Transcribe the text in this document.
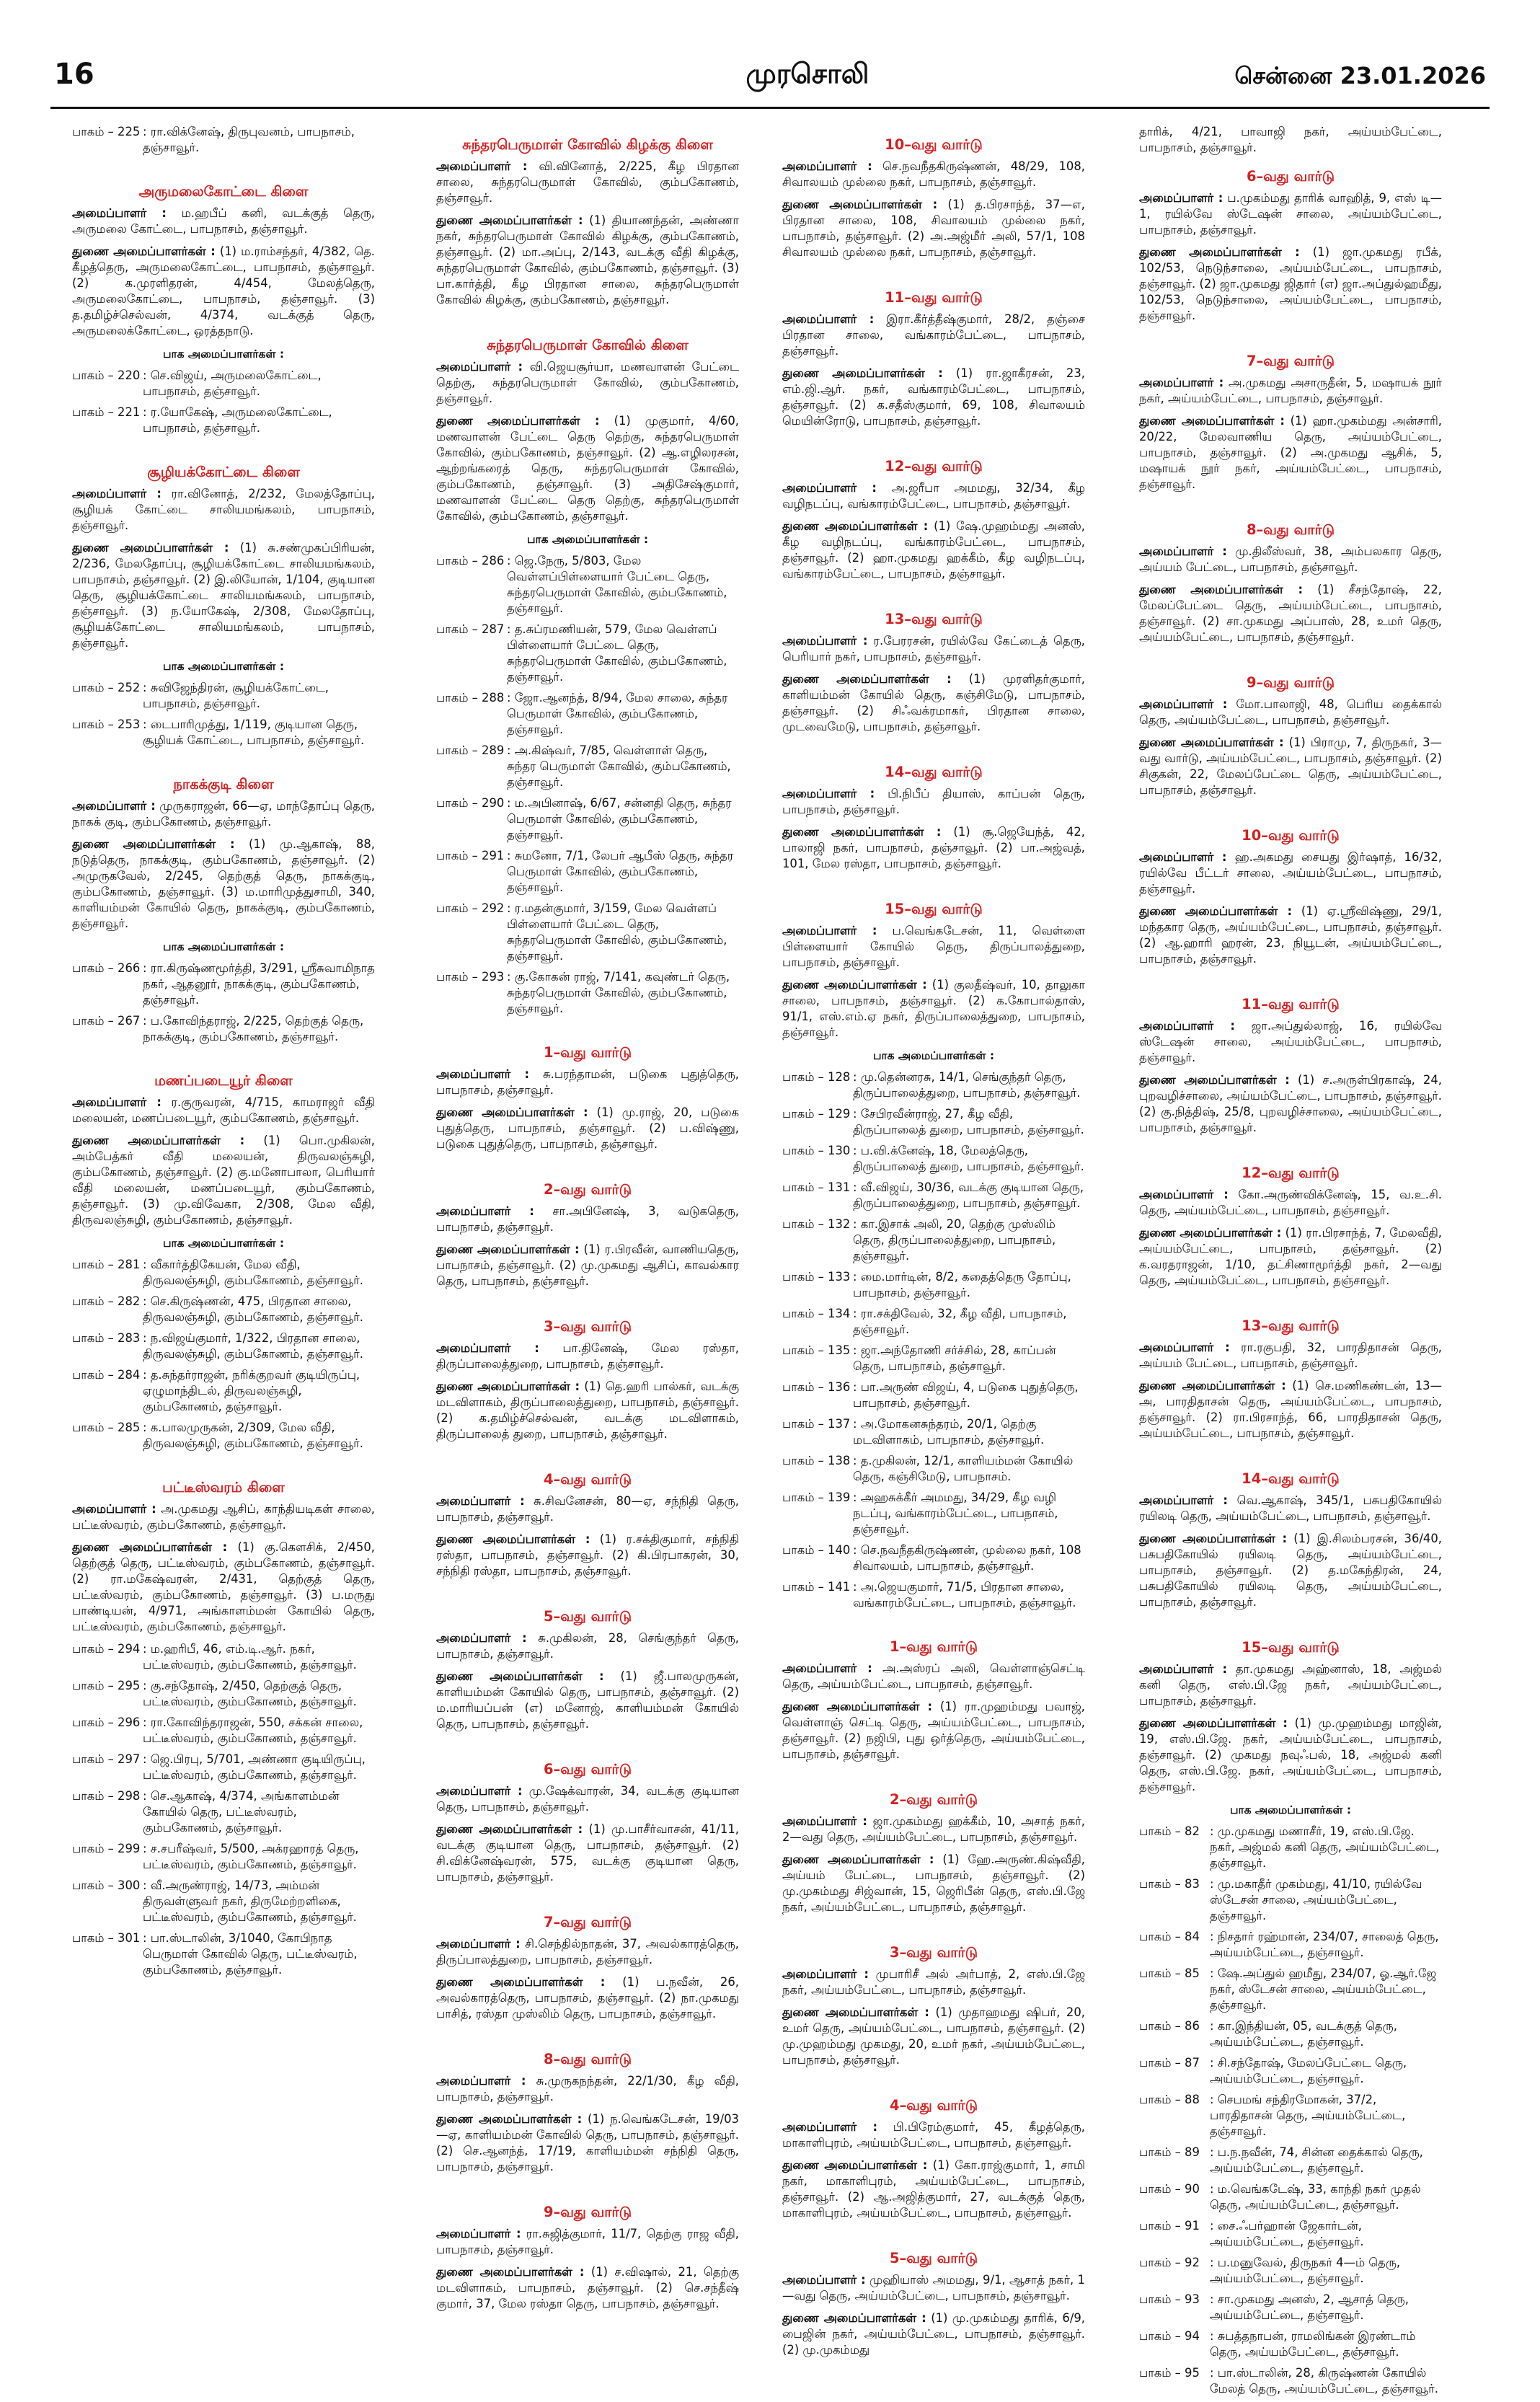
16	முரசொலி	சென்னை 23.01.2026
பாகம் – 225 : ரா.விக்னேஷ், திருபுவனம், பாபநாசம், தஞ்சாவூர்.
அருமலைகோட்டை கிளை
அமைப்பாளர் : ம.ஹபீப் கனி, வடக்குத் தெரு, அருமலை கோட்டை, பாபநாசம், தஞ்சாவூர்.
துணை அமைப்பாளர்கள் : (1) ம.ராம்சந்தர், 4/382, தெ. கீழத்தெரு, அருமலைகோட்டை, பாபநாசம், தஞ்சாவூர். (2) க.முரளிதரன், 4/454, மேலத்தெரு, அருமலைகோட்டை, பாபநாசம், தஞ்சாவூர். (3) த.தமிழ்ச்செல்வன், 4/374, வடக்குத் தெரு, அருமலைக்கோட்டை, ஒரத்தநாடு.
பாக அமைப்பாளர்கள் :
பாகம் – 220 : செ.விஜய், அருமலைகோட்டை, பாபநாசம், தஞ்சாவூர்.
பாகம் – 221 : ர.யோகேஷ், அருமலைகோட்டை, பாபநாசம், தஞ்சாவூர்.
சூழியக்கோட்டை கிளை
அமைப்பாளர் : ரா.வினோத், 2/232, மேலத்தோப்பு, சூழியக் கோட்டை சாலியமங்கலம், பாபநாசம், தஞ்சாவூர்.
துணை அமைப்பாளர்கள் : (1) சு.சண்முகப்பிரியன், 2/236, மேலதோப்பு, சூழியக்கோட்டை சாலியமங்கலம், பாபநாசம், தஞ்சாவூர். (2) இ.லியோன், 1/104, குடியான தெரு, சூழியக்கோட்டை சாலியமங்கலம், பாபநாசம், தஞ்சாவூர். (3) ந.யோகேஷ், 2/308, மேலதோப்பு, சூழியக்கோட்டை சாலியமங்கலம், பாபநாசம், தஞ்சாவூர்.
பாக அமைப்பாளர்கள் :
பாகம் – 252 : சுவிஜேந்திரன், சூழியக்கோட்டை, பாபநாசம், தஞ்சாவூர்.
பாகம் – 253 : டைபாரிமுத்து, 1/119, குடியான தெரு, சூழியக் கோட்டை, பாபநாசம், தஞ்சாவூர்.
நாகக்குடி கிளை
அமைப்பாளர் : முருகராஜன், 66—ஏ, மாந்தோப்பு தெரு, நாகக் குடி, கும்பகோணம், தஞ்சாவூர்.
துணை அமைப்பாளர்கள் : (1) மு.ஆகாஷ், 88, நடுத்தெரு, நாகக்குடி, கும்பகோணம், தஞ்சாவூர். (2) அமுருகவேல், 2/245, தெற்குத் தெரு, நாகக்குடி, கும்பகோணம், தஞ்சாவூர். (3) ம.மாரிமுத்துசாமி, 340, காளியம்மன் கோயில் தெரு, நாகக்குடி, கும்பகோணம், தஞ்சாவூர்.
பாக அமைப்பாளர்கள் :
பாகம் – 266 : ரா.கிருஷ்ணமூர்த்தி, 3/291, ஸ்ரீசுவாமிநாத நகர், ஆதனூர், நாகக்குடி, கும்பகோணம், தஞ்சாவூர்.
பாகம் – 267 : ப.கோவிந்தராஜ், 2/225, தெற்குத் தெரு, நாகக்குடி, கும்பகோணம், தஞ்சாவூர்.
மணப்படையூர் கிளை
அமைப்பாளர் : ர.குருவரன், 4/715, காமராஜர் வீதி மலையன், மணப்படையூர், கும்பகோணம், தஞ்சாவூர்.
துணை அமைப்பாளர்கள் : (1) பொ.முகிலன், அம்பேத்கர் வீதி மலையன், திருவலஞ்சுழி, கும்பகோணம், தஞ்சாவூர். (2) கு.மனோபாலா, பெரியார் வீதி மலையன், மணப்படையூர், கும்பகோணம், தஞ்சாவூர். (3) மு.விவேகா, 2/308, மேல வீதி, திருவலஞ்சுழி, கும்பகோணம், தஞ்சாவூர்.
பாக அமைப்பாளர்கள் :
பாகம் – 281 : வீகார்த்திகேயன், மேல வீதி, திருவலஞ்சுழி, கும்பகோணம், தஞ்சாவூர்.
பாகம் – 282 : செ.கிருஷ்ணன், 475, பிரதான சாலை, திருவலஞ்சுழி, கும்பகோணம், தஞ்சாவூர்.
பாகம் – 283 : ந.விஜய்குமார், 1/322, பிரதான சாலை, திருவலஞ்சுழி, கும்பகோணம், தஞ்சாவூர்.
பாகம் – 284 : த.சுந்தர்ராஜன், நரிக்குறவர் குடியிருப்பு, ஏழுமாந்திடல், திருவலஞ்சுழி, கும்பகோணம், தஞ்சாவூர்.
பாகம் – 285 : க.பாலமுருகன், 2/309, மேல வீதி, திருவலஞ்சுழி, கும்பகோணம், தஞ்சாவூர்.
பட்டீஸ்வரம் கிளை
அமைப்பாளர் : அ.முகமது ஆசிப், காந்தியடிகள் சாலை, பட்டீஸ்வரம், கும்பகோணம், தஞ்சாவூர்.
துணை அமைப்பாளர்கள் : (1) கு.கௌசிக், 2/450, தெற்குத் தெரு, பட்டீஸ்வரம், கும்பகோணம், தஞ்சாவூர். (2) ரா.மகேஷ்வரன், 2/431, தெற்குத் தெரு, பட்டீஸ்வரம், கும்பகோணம், தஞ்சாவூர். (3) ப.மருது பாண்டியன், 4/971, அங்காளம்மன் கோயில் தெரு, பட்டீஸ்வரம், கும்பகோணம், தஞ்சாவூர்.
பாகம் – 294 : ம.ஹரிபீ, 46, எம்.டி.ஆர். நகர், பட்டீஸ்வரம், கும்பகோணம், தஞ்சாவூர்.
பாகம் – 295 : கு.சந்தோஷ், 2/450, தெற்குத் தெரு, பட்டீஸ்வரம், கும்பகோணம், தஞ்சாவூர்.
பாகம் – 296 : ரா.கோவிந்தராஜன், 550, சக்கன் சாலை, பட்டீஸ்வரம், கும்பகோணம், தஞ்சாவூர்.
பாகம் – 297 : ஜெ.பிரபு, 5/701, அண்ணா குடியிருப்பு, பட்டீஸ்வரம், கும்பகோணம், தஞ்சாவூர்.
பாகம் – 298 : செ.ஆகாஷ், 4/374, அங்காளம்மன் கோயில் தெரு, பட்டீஸ்வரம், கும்பகோணம், தஞ்சாவூர்.
பாகம் – 299 : ச.சபரீஷ்வர், 5/500, அக்ரஹாரத் தெரு, பட்டீஸ்வரம், கும்பகோணம், தஞ்சாவூர்.
பாகம் – 300 : வீ.அருண்ராஜ், 14/73, அம்மன் திருவள்ளுவர் நகர், திருமேற்றளிகை, பட்டீஸ்வரம், கும்பகோணம், தஞ்சாவூர்.
பாகம் – 301 : பா.ஸ்டாலின், 3/1040, கோபிநாத பெருமாள் கோவில் தெரு, பட்டீஸ்வரம், கும்பகோணம், தஞ்சாவூர்.
சுந்தரபெருமாள் கோவில் கிழக்கு கிளை
அமைப்பாளர் : வி.வினோத், 2/225, கீழ பிரதான சாலை, சுந்தரபெருமாள் கோவில், கும்பகோணம், தஞ்சாவூர்.
துணை அமைப்பாளர்கள் : (1) தியாணந்தன், அண்ணா நகர், சுந்தரபெருமாள் கோவில் கிழக்கு, கும்பகோணம், தஞ்சாவூர். (2) மா.அப்பு, 2/143, வடக்கு வீதி கிழக்கு, சுந்தரபெருமாள் கோவில், கும்பகோணம், தஞ்சாவூர். (3) பா.கார்த்தி, கீழ பிரதான சாலை, சுந்தரபெருமாள் கோவில் கிழக்கு, கும்பகோணம், தஞ்சாவூர்.
சுந்தரபெருமாள் கோவில் கிளை
அமைப்பாளர் : வி.ஜெயசூர்யா, மணவாளன் பேட்டை தெற்கு, சுந்தரபெருமாள் கோவில், கும்பகோணம், தஞ்சாவூர்.
துணை அமைப்பாளர்கள் : (1) முகுமார், 4/60, மணவாளன் பேட்டை தெரு தெற்கு, சுந்தரபெருமாள் கோவில், கும்பகோணம், தஞ்சாவூர். (2) ஆ.எழிலரசன், ஆற்றங்கரைத் தெரு, சுந்தரபெருமாள் கோவில், கும்பகோணம், தஞ்சாவூர். (3) அதிசேஷ்குமார், மணவாளன் பேட்டை தெரு தெற்கு, சுந்தரபெருமாள் கோவில், கும்பகோணம், தஞ்சாவூர்.
பாக அமைப்பாளர்கள் :
பாகம் – 286 : ஜெ.நேரு, 5/803, மேல வெள்ளப்பிள்ளையார் பேட்டை தெரு, சுந்தரபெருமாள் கோவில், கும்பகோணம், தஞ்சாவூர்.
பாகம் – 287 : த.சுப்ரமணியன், 579, மேல வெள்ளப் பிள்ளையார் பேட்டை தெரு, சுந்தரபெருமாள் கோவில், கும்பகோணம், தஞ்சாவூர்.
பாகம் – 288 : ஜோ.ஆனந்த், 8/94, மேல சாலை, சுந்தர பெருமாள் கோவில், கும்பகோணம், தஞ்சாவூர்.
பாகம் – 289 : அ.கிஷ்வர், 7/85, வெள்ளாள் தெரு, சுந்தர பெருமாள் கோவில், கும்பகோணம், தஞ்சாவூர்.
பாகம் – 290 : ம.அபினாஷ், 6/67, சன்னதி தெரு, சுந்தர பெருமாள் கோவில், கும்பகோணம், தஞ்சாவூர்.
பாகம் – 291 : சுமனோ, 7/1, லேபர் ஆபீஸ் தெரு, சுந்தர பெருமாள் கோவில், கும்பகோணம், தஞ்சாவூர்.
பாகம் – 292 : ர.மதன்குமார், 3/159, மேல வெள்ளப் பிள்ளையார் பேட்டை தெரு, சுந்தரபெருமாள் கோவில், கும்பகோணம், தஞ்சாவூர்.
பாகம் – 293 : கு.கோகன் ராஜ், 7/141, கவுண்டர் தெரு, சுந்தரபெருமாள் கோவில், கும்பகோணம், தஞ்சாவூர்.
1–வது வார்டு
அமைப்பாளர் : சு.பரந்தாமன், படுகை புதுத்தெரு, பாபநாசம், தஞ்சாவூர்.
துணை அமைப்பாளர்கள் : (1) மு.ராஜ், 20, படுகை புதுத்தெரு, பாபநாசம், தஞ்சாவூர். (2) ப.விஷ்ணு, படுகை புதுத்தெரு, பாபநாசம், தஞ்சாவூர்.
2–வது வார்டு
அமைப்பாளர் : சா.அபினேஷ், 3, வடுகதெரு, பாபநாசம், தஞ்சாவூர்.
துணை அமைப்பாளர்கள் : (1) ர.பிரவீன், வாணியதெரு, பாபநாசம், தஞ்சாவூர். (2) மு.முகமது ஆசிப், காவல்கார தெரு, பாபநாசம், தஞ்சாவூர்.
3–வது வார்டு
அமைப்பாளர் : பா.தினேஷ், மேல ரஸ்தா, திருப்பாலைத்துறை, பாபநாசம், தஞ்சாவூர்.
துணை அமைப்பாளர்கள் : (1) தெ.ஹரி பால்கர், வடக்கு மடவிளாகம், திருப்பாலைத்துறை, பாபநாசம், தஞ்சாவூர். (2) க.தமிழ்ச்செல்வன், வடக்கு மடவிளாகம், திருப்பாலைத் துறை, பாபநாசம், தஞ்சாவூர்.
4–வது வார்டு
அமைப்பாளர் : சு.சிவனேசன், 80—ஏ, சந்நிதி தெரு, பாபநாசம், தஞ்சாவூர்.
துணை அமைப்பாளர்கள் : (1) ர.சக்திகுமார், சந்நிதி ரஸ்தா, பாபநாசம், தஞ்சாவூர். (2) கி.பிரபாகரன், 30, சந்நிதி ரஸ்தா, பாபநாசம், தஞ்சாவூர்.
5–வது வார்டு
அமைப்பாளர் : சு.முகிலன், 28, செங்குந்தர் தெரு, பாபநாசம், தஞ்சாவூர்.
துணை அமைப்பாளர்கள் : (1) ஜீ.பாலமுருகன், காளியம்மன் கோயில் தெரு, பாபநாசம், தஞ்சாவூர். (2) ம.மாரியப்பன் (எ) மனோஜ், காளியம்மன் கோயில் தெரு, பாபநாசம், தஞ்சாவூர்.
6–வது வார்டு
அமைப்பாளர் : மு.ஷேக்வாரன், 34, வடக்கு குடியான தெரு, பாபநாசம், தஞ்சாவூர்.
துணை அமைப்பாளர்கள் : (1) மு.பாசீர்வாசன், 41/11, வடக்கு குடியான தெரு, பாபநாசம், தஞ்சாவூர். (2) சி.விக்னேஷ்வரன், 575, வடக்கு குடியான தெரு, பாபநாசம், தஞ்சாவூர்.
7–வது வார்டு
அமைப்பாளர் : சி.செந்தில்நாதன், 37, அவல்காரத்தெரு, திருப்பாலத்துறை, பாபநாசம், தஞ்சாவூர்.
துணை அமைப்பாளர்கள் : (1) ப.நவீன், 26, அவல்காரத்தெரு, பாபநாசம், தஞ்சாவூர். (2) நா.முகமது பாசித், ரஸ்தா முஸ்லிம் தெரு, பாபநாசம், தஞ்சாவூர்.
8–வது வார்டு
அமைப்பாளர் : சு.முருகநந்தன், 22/1/30, கீழ வீதி, பாபநாசம், தஞ்சாவூர்.
துணை அமைப்பாளர்கள் : (1) ந.வெங்கடேசன், 19/03—ஏ, காளியம்மன் கோவில் தெரு, பாபநாசம், தஞ்சாவூர். (2) செ.ஆனந்த், 17/19, காளியம்மன் சந்நிதி தெரு, பாபநாசம், தஞ்சாவூர்.
9–வது வார்டு
அமைப்பாளர் : ரா.சுஜித்குமார், 11/7, தெற்கு ராஜ வீதி, பாபநாசம், தஞ்சாவூர்.
துணை அமைப்பாளர்கள் : (1) ச.விஷால், 21, தெற்கு மடவிளாகம், பாபநாசம், தஞ்சாவூர். (2) செ.சந்தீஷ் குமார், 37, மேல ரஸ்தா தெரு, பாபநாசம், தஞ்சாவூர்.
10–வது வார்டு
அமைப்பாளர் : செ.நவநீதகிருஷ்ணன், 48/29, 108, சிவாலயம் முல்லை நகர், பாபநாசம், தஞ்சாவூர்.
துணை அமைப்பாளர்கள் : (1) த.பிரசாந்த், 37—எ, பிரதான சாலை, 108, சிவாலயம் முல்லை நகர், பாபநாசம், தஞ்சாவூர். (2) அ.அஜ்மீர் அலி, 57/1, 108 சிவாலயம் முல்லை நகர், பாபநாசம், தஞ்சாவூர்.
11–வது வார்டு
அமைப்பாளர் : இரா.கீர்த்தீஷ்குமார், 28/2, தஞ்சை பிரதான சாலை, வங்காரம்பேட்டை, பாபநாசம், தஞ்சாவூர்.
துணை அமைப்பாளர்கள் : (1) ரா.ஜாகீரசன், 23, எம்.ஜி.ஆர். நகர், வங்காரம்பேட்டை, பாபநாசம், தஞ்சாவூர். (2) க.சதீஸ்குமார், 69, 108, சிவாலயம் மெயின்ரோடு, பாபநாசம், தஞ்சாவூர்.
12–வது வார்டு
அமைப்பாளர் : அ.ஜரீபா அமமது, 32/34, கீழ வழிநடப்பு, வங்காரம்பேட்டை, பாபநாசம், தஞ்சாவூர்.
துணை அமைப்பாளர்கள் : (1) ஷே.முஹம்மது அனஸ், கீழ வழிநடப்பு, வங்காரம்பேட்டை, பாபநாசம், தஞ்சாவூர். (2) ஹா.முகமது ஹக்கீம், கீழ வழிநடப்பு, வங்காரம்பேட்டை, பாபநாசம், தஞ்சாவூர்.
13–வது வார்டு
அமைப்பாளர் : ர.பேரரசன், ரயில்வே கேட்டைத் தெரு, பெரியார் நகர், பாபநாசம், தஞ்சாவூர்.
துணை அமைப்பாளர்கள் : (1) முரளிதர்குமார், காளியம்மன் கோயில் தெரு, கஞ்சிமேடு, பாபநாசம், தஞ்சாவூர். (2) சிஃவக்ரமாகர், பிரதான சாலை, முடவைமேடு, பாபநாசம், தஞ்சாவூர்.
14–வது வார்டு
அமைப்பாளர் : பி.நிபீப் தியாஸ், காப்பன் தெரு, பாபநாசம், தஞ்சாவூர்.
துணை அமைப்பாளர்கள் : (1) சூ.ஜெயேந்த், 42, பாலாஜி நகர், பாபநாசம், தஞ்சாவூர். (2) பா.அஜ்வத், 101, மேல ரஸ்தா, பாபநாசம், தஞ்சாவூர்.
15–வது வார்டு
அமைப்பாளர் : ப.வெங்கடேசன், 11, வெள்ளை பிள்ளையார் கோயில் தெரு, திருப்பாலத்துறை, பாபநாசம், தஞ்சாவூர்.
துணை அமைப்பாளர்கள் : (1) குலதீஷ்வர், 10, தாலுகா சாலை, பாபநாசம், தஞ்சாவூர். (2) க.கோபால்தாஸ், 91/1, எஸ்.எம்.ஏ நகர், திருப்பாலைத்துறை, பாபநாசம், தஞ்சாவூர்.
பாக அமைப்பாளர்கள் :
பாகம் – 128 : மு.தென்னரசு, 14/1, செங்குந்தர் தெரு, திருப்பாலைத்துறை, பாபநாசம், தஞ்சாவூர்.
பாகம் – 129 : சேபிரவீன்ராஜ், 27, கீழ வீதி, திருப்பாலைத் துறை, பாபநாசம், தஞ்சாவூர்.
பாகம் – 130 : ப.வி.க்னேஷ், 18, மேலத்தெரு, திருப்பாலைத் துறை, பாபநாசம், தஞ்சாவூர்.
பாகம் – 131 : வீ.விஜய், 30/36, வடக்கு குடியான தெரு, திருப்பாலைத்துறை, பாபநாசம், தஞ்சாவூர்.
பாகம் – 132 : கா.இசாக் அலி, 20, தெற்கு முஸ்லிம் தெரு, திருப்பாலைத்துறை, பாபநாசம், தஞ்சாவூர்.
பாகம் – 133 : மை.மார்டின், 8/2, கதைத்தெரு தோப்பு, பாபநாசம், தஞ்சாவூர்.
பாகம் – 134 : ரா.சக்திவேல், 32, கீழ வீதி, பாபநாசம், தஞ்சாவூர்.
பாகம் – 135 : ஜா.அந்தோணி சர்ச்சில், 28, காப்பன் தெரு, பாபநாசம், தஞ்சாவூர்.
பாகம் – 136 : பா.அருண் விஜய், 4, படுகை புதுத்தெரு, பாபநாசம், தஞ்சாவூர்.
பாகம் – 137 : அ.மோகனசுந்தரம், 20/1, தெற்கு மடவிளாகம், பாபநாசம், தஞ்சாவூர்.
பாகம் – 138 : த.முகிலன், 12/1, காளியம்மன் கோயில் தெரு, கஞ்சிமேடு, பாபநாசம்.
பாகம் – 139 : அஹசுக்கீர் அமமது, 34/29, கீழ வழி நடப்பு, வங்காரம்பேட்டை, பாபநாசம், தஞ்சாவூர்.
பாகம் – 140 : செ.நவநீதகிருஷ்ணன், முல்லை நகர், 108 சிவாலயம், பாபநாசம், தஞ்சாவூர்.
பாகம் – 141 : அ.ஜெயகுமார், 71/5, பிரதான சாலை, வங்காரம்பேட்டை, பாபநாசம், தஞ்சாவூர்.
1–வது வார்டு
அமைப்பாளர் : அ.அஸ்ரப் அலி, வெள்ளாஞ்செட்டி தெரு, அய்யம்பேட்டை, பாபநாசம், தஞ்சாவூர்.
துணை அமைப்பாளர்கள் : (1) ரா.முஹம்மது பவாஜ், வெள்ளாஞ் செட்டி தெரு, அய்யம்பேட்டை, பாபநாசம், தஞ்சாவூர். (2) நஜிபி, புது ஒர்த்தெரு, அய்யம்பேட்டை, பாபநாசம், தஞ்சாவூர்.
2–வது வார்டு
அமைப்பாளர் : ஜா.முகம்மது ஹக்கீம், 10, அசாத் நகர், 2—வது தெரு, அய்யம்பேட்டை, பாபநாசம், தஞ்சாவூர்.
துணை அமைப்பாளர்கள் : (1) ஹே.அருண்.கிஷ்வீதி, அய்யம் பேட்டை, பாபநாசம், தஞ்சாவூர். (2) மு.முகம்மது சிஜ்வான், 15, ஜெரிபீன் தெரு, எஸ்.பி.ஜே நகர், அய்யம்பேட்டை, பாபநாசம், தஞ்சாவூர்.
3–வது வார்டு
அமைப்பாளர் : முபாரிசீ அல் அர்பாத், 2, எஸ்.பி.ஜே நகர், அய்யம்பேட்டை, பாபநாசம், தஞ்சாவூர்.
துணை அமைப்பாளர்கள் : (1) முதாஹமது ஷிபர், 20, உமர் தெரு, அய்யம்பேட்டை, பாபநாசம், தஞ்சாவூர். (2) மு.முஹம்மது முகமது, 20, உமர் நகர், அய்யம்பேட்டை, பாபநாசம், தஞ்சாவூர்.
4–வது வார்டு
அமைப்பாளர் : பி.பிரேம்குமார், 45, கீழத்தெரு, மாகாளிபுரம், அய்யம்பேட்டை, பாபநாசம், தஞ்சாவூர்.
துணை அமைப்பாளர்கள் : (1) கோ.ராஜ்குமார், 1, சாமி நகர், மாகாளிபுரம், அய்யம்பேட்டை, பாபநாசம், தஞ்சாவூர். (2) ஆ.அஜித்குமார், 27, வடக்குத் தெரு, மாகாளிபுரம், அய்யம்பேட்டை, பாபநாசம், தஞ்சாவூர்.
5–வது வார்டு
அமைப்பாளர் : முஹியாஸ் அமமது, 9/1, ஆசாத் நகர், 1—வது தெரு, அய்யம்பேட்டை, பாபநாசம், தஞ்சாவூர்.
துணை அமைப்பாளர்கள் : (1) மு.முகம்மது தாரிக், 6/9, பைஜின் நகர், அய்யம்பேட்டை, பாபநாசம், தஞ்சாவூர். (2) மு.முகம்மது
தாரிக், 4/21, பாவாஜி நகர், அய்யம்பேட்டை, பாபநாசம், தஞ்சாவூர்.
6–வது வார்டு
அமைப்பாளர் : ப.முகம்மது தாரிக் வாஹித், 9, எஸ் டி—1, ரயில்வே ஸ்டேஷன் சாலை, அய்யம்பேட்டை, பாபநாசம், தஞ்சாவூர்.
துணை அமைப்பாளர்கள் : (1) ஜா.முகமது ரபீக், 102/53, நெடுந்சாலை, அய்யம்பேட்டை, பாபநாசம், தஞ்சாவூர். (2) ஜா.முகமது ஜிதார் (எ) ஜா.அப்துல்ஹமீது, 102/53, நெடுந்சாலை, அய்யம்பேட்டை, பாபநாசம், தஞ்சாவூர்.
7–வது வார்டு
அமைப்பாளர் : அ.முகமது அசாருதீன், 5, மஷாயக் நூர் நகர், அய்யம்பேட்டை, பாபநாசம், தஞ்சாவூர்.
துணை அமைப்பாளர்கள் : (1) ஹா.முகம்மது அன்சாரி, 20/22, மேலவாணிய தெரு, அய்யம்பேட்டை, பாபநாசம், தஞ்சாவூர். (2) அ.முகமது ஆசிக், 5, மஷாயக் நூர் நகர், அய்யம்பேட்டை, பாபநாசம், தஞ்சாவூர்.
8–வது வார்டு
அமைப்பாளர் : மு.திலீஸ்வர், 38, அம்பலகார தெரு, அய்யம் பேட்டை, பாபநாசம், தஞ்சாவூர்.
துணை அமைப்பாளர்கள் : (1) சீசந்தோஷ், 22, மேலப்பேட்டை தெரு, அய்யம்பேட்டை, பாபநாசம், தஞ்சாவூர். (2) சா.முகமது அப்பாஸ், 28, உமர் தெரு, அய்யம்பேட்டை, பாபநாசம், தஞ்சாவூர்.
9–வது வார்டு
அமைப்பாளர் : மோ.பாலாஜி, 48, பெரிய தைக்கால் தெரு, அய்யம்பேட்டை, பாபநாசம், தஞ்சாவூர்.
துணை அமைப்பாளர்கள் : (1) பிராமு, 7, திருநகர், 3—வது வார்டு, அய்யம்பேட்டை, பாபநாசம், தஞ்சாவூர். (2) சிகுகன், 22, மேலப்பேட்டை தெரு, அய்யம்பேட்டை, பாபநாசம், தஞ்சாவூர்.
10–வது வார்டு
அமைப்பாளர் : ஹ.அகமது சையது இர்ஷாத், 16/32, ரயில்வே பீட்டர் சாலை, அய்யம்பேட்டை, பாபநாசம், தஞ்சாவூர்.
துணை அமைப்பாளர்கள் : (1) ஏ.ஸ்ரீவிஷ்ணு, 29/1, மந்தகார தெரு, அய்யம்பேட்டை, பாபநாசம், தஞ்சாவூர். (2) ஆ.ஹாரி ஹரன், 23, நியூடன், அய்யம்பேட்டை, பாபநாசம், தஞ்சாவூர்.
11–வது வார்டு
அமைப்பாளர் : ஜா.அப்துல்லாஜ், 16, ரயில்வே ஸ்டேஷன் சாலை, அய்யம்பேட்டை, பாபநாசம், தஞ்சாவூர்.
துணை அமைப்பாளர்கள் : (1) ச.அருள்பிரகாஷ், 24, புறவழிச்சாலை, அய்யம்பேட்டை, பாபநாசம், தஞ்சாவூர். (2) கு.நித்திஷ், 25/8, புறவழிச்சாலை, அய்யம்பேட்டை, பாபநாசம், தஞ்சாவூர்.
12–வது வார்டு
அமைப்பாளர் : கோ.அருண்விக்னேஷ், 15, வ.உ.சி. தெரு, அய்யம்பேட்டை, பாபநாசம், தஞ்சாவூர்.
துணை அமைப்பாளர்கள் : (1) ரா.பிரசாந்த், 7, மேலவீதி, அய்யம்பேட்டை, பாபநாசம், தஞ்சாவூர். (2) க.வரதராஜன், 1/10, தட்சிணாமூர்த்தி நகர், 2—வது தெரு, அய்யம்பேட்டை, பாபநாசம், தஞ்சாவூர்.
13–வது வார்டு
அமைப்பாளர் : ரா.ரகுபதி, 32, பாரதிதாசன் தெரு, அய்யம் பேட்டை, பாபநாசம், தஞ்சாவூர்.
துணை அமைப்பாளர்கள் : (1) செ.மணிகண்டன், 13—அ, பாரதிதாசன் தெரு, அய்யம்பேட்டை, பாபநாசம், தஞ்சாவூர். (2) ரா.பிரசாந்த், 66, பாரதிதாசன் தெரு, அய்யம்பேட்டை, பாபநாசம், தஞ்சாவூர்.
14–வது வார்டு
அமைப்பாளர் : வெ.ஆகாஷ், 345/1, பசுபதிகோயில் ரயிலடி தெரு, அய்யம்பேட்டை, பாபநாசம், தஞ்சாவூர்.
துணை அமைப்பாளர்கள் : (1) இ.சிலம்பரசன், 36/40, பசுபதிகோயில் ரயிலடி தெரு, அய்யம்பேட்டை, பாபநாசம், தஞ்சாவூர். (2) த.மகேந்திரன், 24, பசுபதிகோயில் ரயிலடி தெரு, அய்யம்பேட்டை, பாபநாசம், தஞ்சாவூர்.
15–வது வார்டு
அமைப்பாளர் : தா.முகமது அஹ்னாஸ், 18, அஜ்மல் கனி தெரு, எஸ்.பி.ஜே நகர், அய்யம்பேட்டை, பாபநாசம், தஞ்சாவூர்.
துணை அமைப்பாளர்கள் : (1) மு.முஹம்மது மாஜின், 19, எஸ்.பி.ஜே. நகர், அய்யம்பேட்டை, பாபநாசம், தஞ்சாவூர். (2) முகமது நவுஃபல், 18, அஜ்மல் கனி தெரு, எஸ்.பி.ஜே. நகர், அய்யம்பேட்டை, பாபநாசம், தஞ்சாவூர்.
பாக அமைப்பாளர்கள் :
பாகம் – 82 : மு.முகமது மணாசீர், 19, எஸ்.பி.ஜே. நகர், அஜ்மல் கனி தெரு, அய்யம்பேட்டை, தஞ்சாவூர்.
பாகம் – 83 : மு.மகாதீர் முகம்மது, 41/10, ரயில்வே ஸ்டேசன் சாலை, அய்யம்பேட்டை, தஞ்சாவூர்.
பாகம் – 84 : நிசதார் ரஹ்மான், 234/07, சாலைத் தெரு, அய்யம்பேட்டை, தஞ்சாவூர்.
பாகம் – 85 : ஷே.அப்துல் ஹமீது, 234/07, ஓ.ஆர்.ஜே நகர், ஸ்டேசன் சாலை, அய்யம்பேட்டை, தஞ்சாவூர்.
பாகம் – 86 : கா.இந்தியன், 05, வடக்குத் தெரு, அய்யம்பேட்டை, தஞ்சாவூர்.
பாகம் – 87 : சி.சந்தோஷ், மேலப்பேட்டை தெரு, அய்யம்பேட்டை, தஞ்சாவூர்.
பாகம் – 88 : செபமங் சந்திரமோகன், 37/2, பாரதிதாசன் தெரு, அய்யம்பேட்டை, தஞ்சாவூர்.
பாகம் – 89 : ப.ந.நவீன், 74, சின்ன தைக்கால் தெரு, அய்யம்பேட்டை, தஞ்சாவூர்.
பாகம் – 90 : ம.வெங்கடேஷ், 33, காந்தி நகர் முதல் தெரு, அய்யம்பேட்டை, தஞ்சாவூர்.
பாகம் – 91 : சை.ஃபர்ஹான் ஜேகார்டன், அய்யம்பேட்டை, தஞ்சாவூர்.
பாகம் – 92 : ப.மனுவேல், திருநகர் 4—ம் தெரு, அய்யம்பேட்டை, தஞ்சாவூர்.
பாகம் – 93 : சா.முகமது அனஸ், 2, ஆசாத் தெரு, அய்யம்பேட்டை, தஞ்சாவூர்.
பாகம் – 94 : சுபத்தநாபன், ராமலிங்கன் இரண்டாம் தெரு, அய்யம்பேட்டை, தஞ்சாவூர்.
பாகம் – 95 : பா.ஸ்டாலின், 28, கிருஷ்ணன் கோயில் மேலத் தெரு, அய்யம்பேட்டை, தஞ்சாவூர்.
